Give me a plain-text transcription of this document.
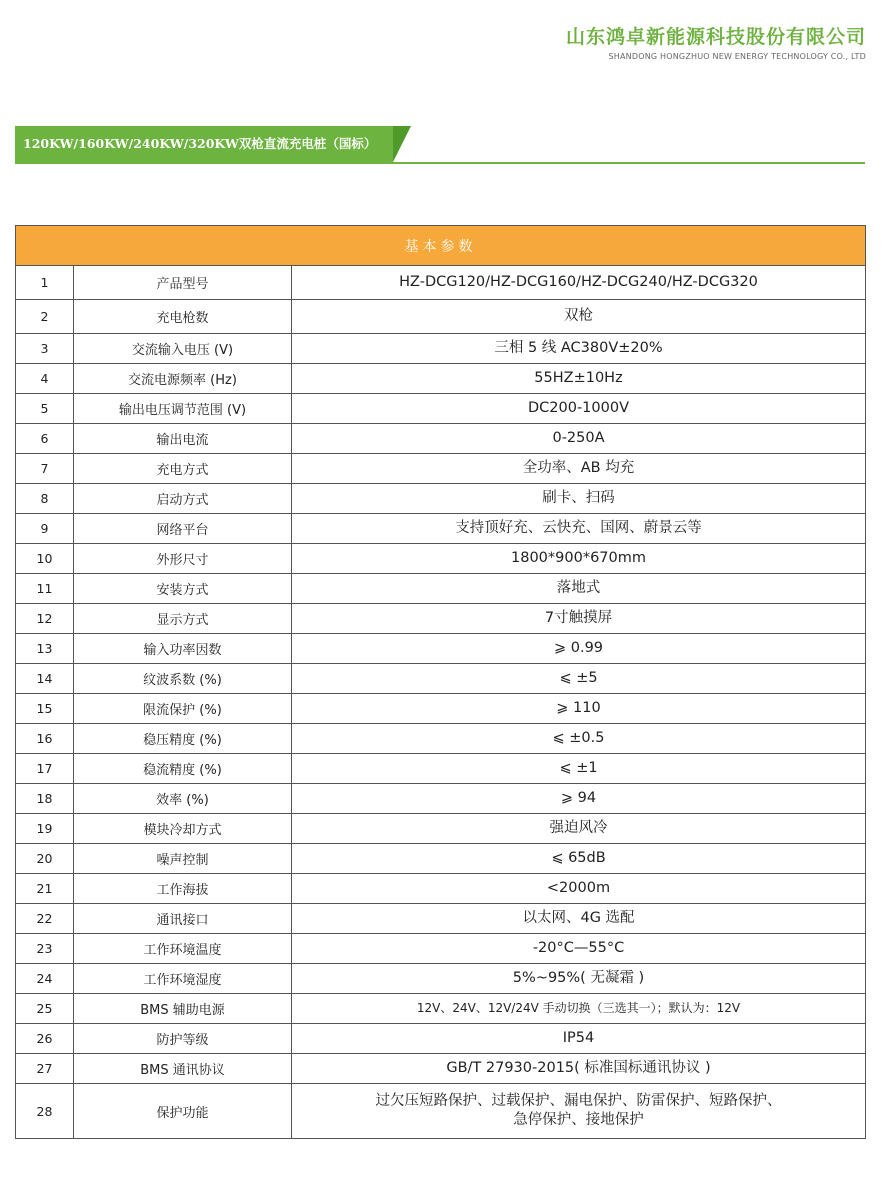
山东鸿卓新能源科技股份有限公司
SHANDONG HONGZHUO NEW ENERGY TECHNOLOGY CO., LTD
120KW/160KW/240KW/320KW双枪直流充电桩（国标）
基本参数		
1	产品型号	HZ-DCG120/HZ-DCG160/HZ-DCG240/HZ-DCG320
2	充电枪数	双枪
3	交流输入电压 (V)	三相 5 线 AC380V±20%
4	交流电源频率 (Hz)	55HZ±10Hz
5	输出电压调节范围 (V)	DC200-1000V
6	输出电流	0-250A
7	充电方式	全功率、AB 均充
8	启动方式	刷卡、扫码
9	网络平台	支持顶好充、云快充、国网、蔚景云等
10	外形尺寸	1800*900*670mm
11	安装方式	落地式
12	显示方式	7寸触摸屏
13	输入功率因数	⩾ 0.99
14	纹波系数 (%)	⩽ ±5
15	限流保护 (%)	⩾ 110
16	稳压精度 (%)	⩽ ±0.5
17	稳流精度 (%)	⩽ ±1
18	效率 (%)	⩾ 94
19	模块冷却方式	强迫风冷
20	噪声控制	⩽ 65dB
21	工作海拔	<2000m
22	通讯接口	以太网、4G 选配
23	工作环境温度	-20°C—55°C
24	工作环境湿度	5%~95%( 无凝霜 )
25	BMS 辅助电源	12V、24V、12V/24V 手动切换（三选其一）；默认为：12V
26	防护等级	IP54
27	BMS 通讯协议	GB/T 27930-2015( 标准国标通讯协议 )
28	保护功能	过欠压短路保护、过载保护、漏电保护、防雷保护、短路保护、
急停保护、接地保护
